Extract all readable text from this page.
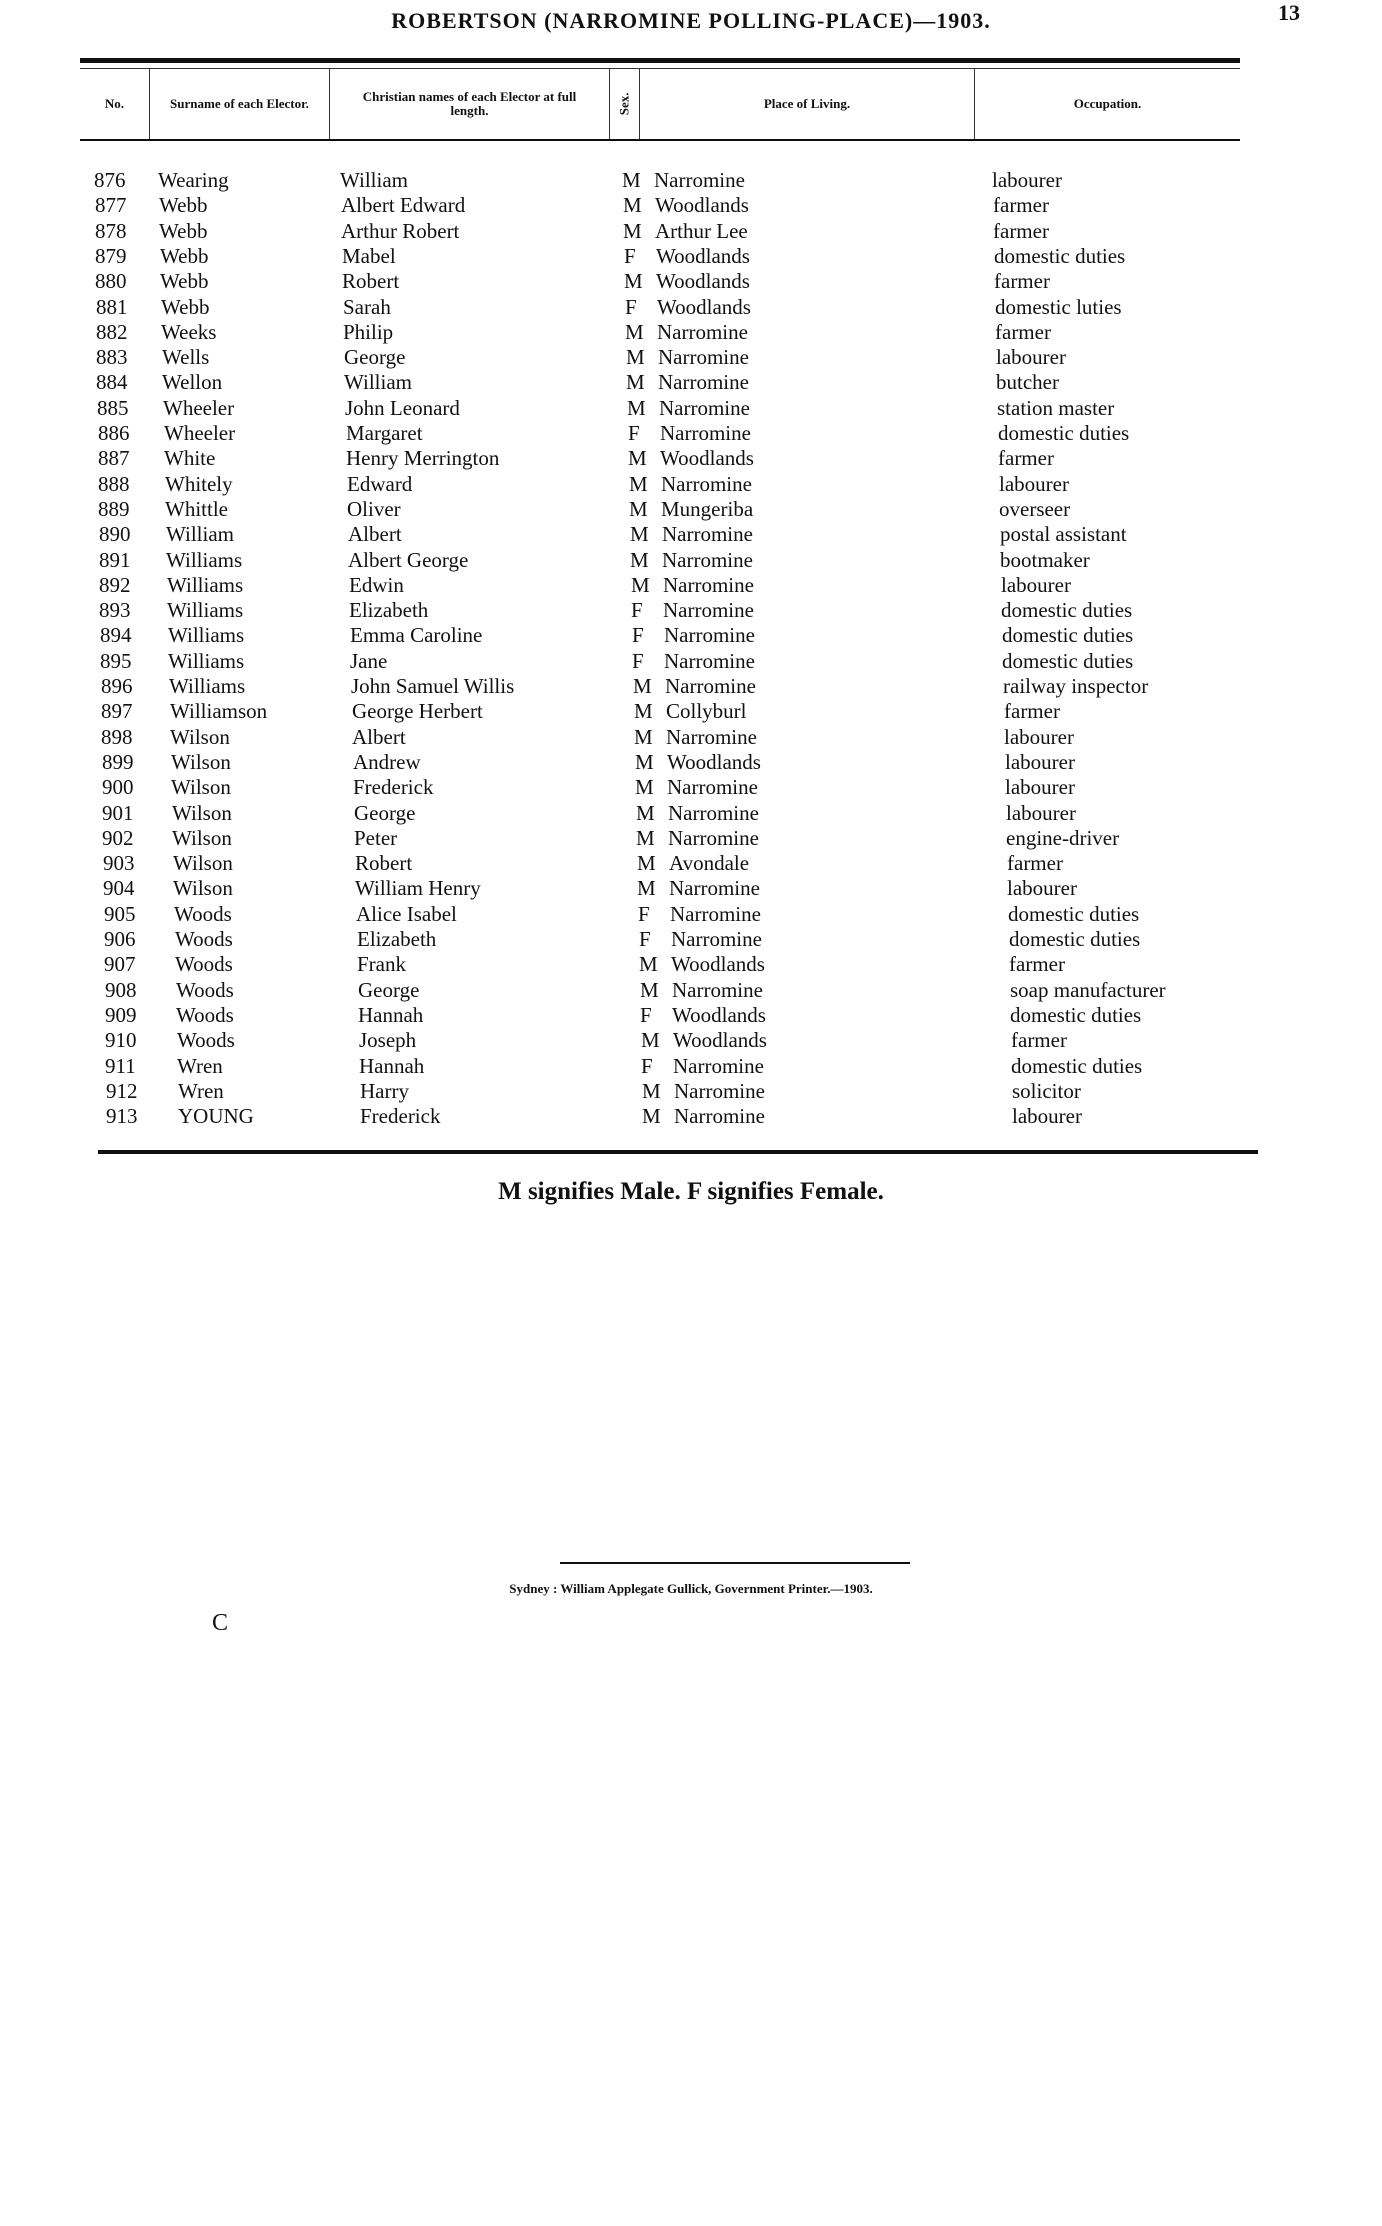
ROBERTSON (NARROMINE POLLING-PLACE)—1903.	13
No.	Surname of each Elector.	Christian names of each Elector at full length.	Sex.	Place of Living.	Occupation.
876 Wearing	William	M Narromine	labourer
877 Webb	Albert Edward	M Woodlands	farmer
878 Webb	Arthur Robert	M Arthur Lee	farmer
879 Webb	Mabel	F Woodlands	domestic duties
880 Webb	Robert	M Woodlands	farmer
881 Webb	Sarah	F Woodlands	domestic luties
882 Weeks	Philip	M Narromine	farmer
883 Wells	George	M Narromine	labourer
884 Wellon	William	M Narromine	butcher
885 Wheeler	John Leonard	M Narromine	station master
886 Wheeler	Margaret	F Narromine	domestic duties
887 White	Henry Merrington	M Woodlands	farmer
888 Whitely	Edward	M Narromine	labourer
889 Whittle	Oliver	M Mungeriba	overseer
890 William	Albert	M Narromine	postal assistant
891 Williams	Albert George	M Narromine	bootmaker
892 Williams	Edwin	M Narromine	labourer
893 Williams	Elizabeth	F Narromine	domestic duties
894 Williams	Emma Caroline	F Narromine	domestic duties
895 Williams	Jane	F Narromine	domestic duties
896 Williams	John Samuel Willis	M Narromine	railway inspector
897 Williamson	George Herbert	M Collyburl	farmer
898 Wilson	Albert	M Narromine	labourer
899 Wilson	Andrew	M Woodlands	labourer
900 Wilson	Frederick	M Narromine	labourer
901 Wilson	George	M Narromine	labourer
902 Wilson	Peter	M Narromine	engine-driver
903 Wilson	Robert	M Avondale	farmer
904 Wilson	William Henry	M Narromine	labourer
905 Woods	Alice Isabel	F Narromine	domestic duties
906 Woods	Elizabeth	F Narromine	domestic duties
907 Woods	Frank	M Woodlands	farmer
908 Woods	George	M Narromine	soap manufacturer
909 Woods	Hannah	F Woodlands	domestic duties
910 Woods	Joseph	M Woodlands	farmer
911 Wren	Hannah	F Narromine	domestic duties
912 Wren	Harry	M Narromine	solicitor
913 YOUNG	Frederick	M Narromine	labourer
M signifies Male. F signifies Female.
Sydney : William Applegate Gullick, Government Printer.—1903.
C
